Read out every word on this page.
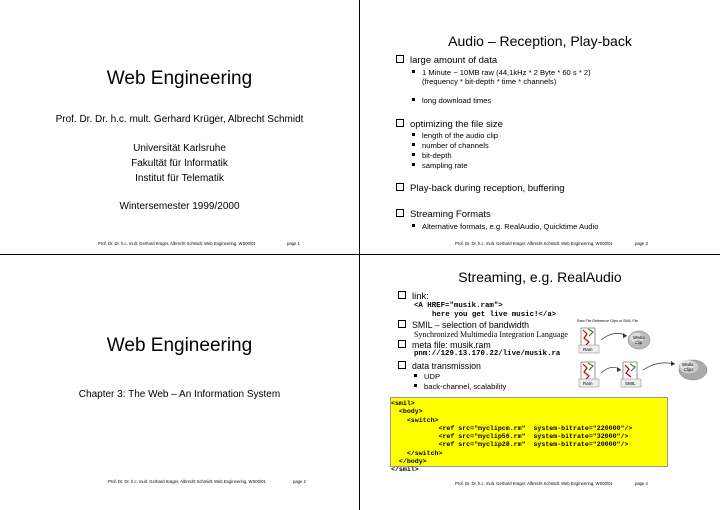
Web Engineering
Prof. Dr. Dr. h.c. mult. Gerhard Krüger, Albrecht Schmidt
Universität Karlsruhe
Fakultät für Informatik
Institut für Telematik
Wintersemester 1999/2000
Prof. Dr. Dr. h.c. mult. Gerhard Krüger, Albrecht Schmidt: Web Engineering, WS00/01	page 1
Audio – Reception, Play-back
large amount of data
1 Minute ~ 10MB raw (44,1kHz * 2 Byte * 60 s * 2)
(frequency * bit-depth * time * channels)
long download times
optimizing the file size
length of the audio clip
number of channels
bit-depth
sampling rate
Play-back during reception, buffering
Streaming Formats
Alternative formats, e.g. RealAudio, Quicktime Audio
Prof. Dr. Dr. h.c. mult. Gerhard Krüger, Albrecht Schmidt: Web Engineering, WS00/01	page 3
Web Engineering
Chapter 3: The Web – An Information System
Prof. Dr. Dr. h.c. mult. Gerhard Krüger, Albrecht Schmidt: Web Engineering, WS00/01	page 2
Streaming, e.g. RealAudio
link:
<A HREF="musik.ram">
here you get live music!</a>
SMIL – selection of bandwidth
Synchronized Multimedia Integration Language
meta file: musik.ram
pnm://129.13.170.22/live/musik.ra
data transmission
UDP
back-channel, scalability
Ram File Reference Clips or SMIL File
Ram
Media
Clip
Ram	SMIL
Media
Clips
<smil>
<body>
<switch>
<ref src="myclipcm.rm"  system-bitrate="220000"/>
<ref src="myclip56.rm"  system-bitrate="32000"/>
<ref src="myclip28.rm"  system-bitrate="20000"/>
</switch>
</body>
</smil>
Prof. Dr. Dr. h.c. mult. Gerhard Krüger, Albrecht Schmidt: Web Engineering, WS00/01	page 4
